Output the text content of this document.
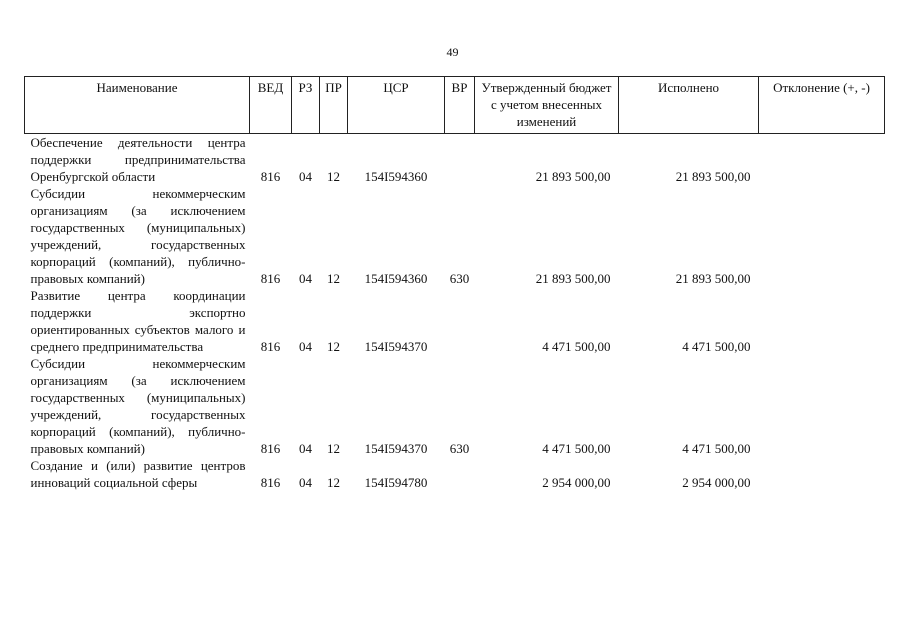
49
Наименование	ВЕД	РЗ	ПР	ЦСР	ВР	Утвержденный бюджет с учетом внесенных изменений	Исполнено	Отклонение (+, -)
Обеспечение деятельности центра поддержки предпринимательства Оренбургской области	816	04	12	154I594360		21 893 500,00	21 893 500,00	
Субсидии некоммерческим организациям (за исключением государственных (муниципальных) учреждений, государственных корпораций (компаний), публично-правовых компаний)	816	04	12	154I594360	630	21 893 500,00	21 893 500,00	
Развитие центра координации поддержки экспортно ориентированных субъектов малого и среднего предпринимательства	816	04	12	154I594370		4 471 500,00	4 471 500,00	
Субсидии некоммерческим организациям (за исключением государственных (муниципальных) учреждений, государственных корпораций (компаний), публично-правовых компаний)	816	04	12	154I594370	630	4 471 500,00	4 471 500,00	
Создание и (или) развитие центров инноваций социальной сферы	816	04	12	154I594780		2 954 000,00	2 954 000,00	
